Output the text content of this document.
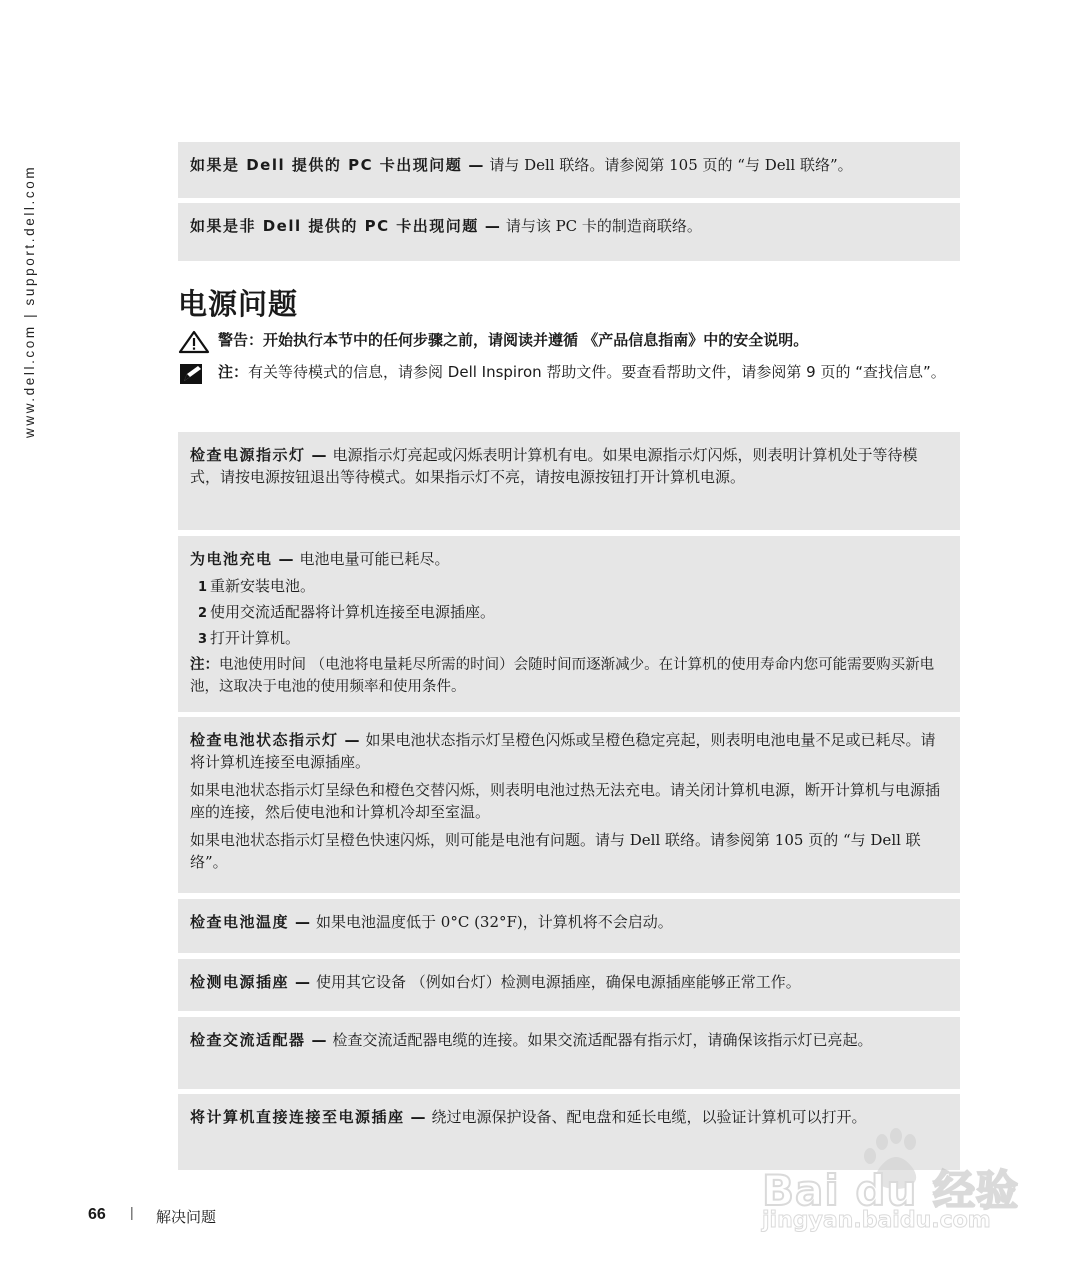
www.dell.com | support.dell.com	如果是 Dell 提供的 PC 卡出现问题 — 请与 Dell 联络。请参阅第 105 页的 “与 Dell 联络”。
如果是非 Dell 提供的 PC 卡出现问题 — 请与该 PC 卡的制造商联络。
电源问题
警告：开始执行本节中的任何步骤之前，请阅读并遵循 《产品信息指南》中的安全说明。
注：有关等待模式的信息，请参阅 Dell Inspiron 帮助文件。要查看帮助文件，请参阅第 9 页的 “查找信息”。
检查电源指示灯 — 电源指示灯亮起或闪烁表明计算机有电。如果电源指示灯闪烁，则表明计算机处于等待模式，请按电源按钮退出等待模式。如果指示灯不亮，请按电源按钮打开计算机电源。
为电池充电 — 电池电量可能已耗尽。
1 重新安装电池。
2 使用交流适配器将计算机连接至电源插座。
3 打开计算机。
注：电池使用时间 （电池将电量耗尽所需的时间）会随时间而逐渐减少。在计算机的使用寿命内您可能需要购买新电池，这取决于电池的使用频率和使用条件。

检查电池状态指示灯 — 如果电池状态指示灯呈橙色闪烁或呈橙色稳定亮起，则表明电池电量不足或已耗尽。请将计算机连接至电源插座。

如果电池状态指示灯呈绿色和橙色交替闪烁，则表明电池过热无法充电。请关闭计算机电源，断开计算机与电源插座的连接，然后使电池和计算机冷却至室温。

如果电池状态指示灯呈橙色快速闪烁，则可能是电池有问题。请与 Dell 联络。请参阅第 105 页的 “与 Dell 联络”。

检查电池温度 — 如果电池温度低于 0°C (32°F)，计算机将不会启动。
检测电源插座 — 使用其它设备 （例如台灯）检测电源插座，确保电源插座能够正常工作。
检查交流适配器 — 检查交流适配器电缆的连接。如果交流适配器有指示灯，请确保该指示灯已亮起。
将计算机直接连接至电源插座 — 绕过电源保护设备、配电盘和延长电缆，以验证计算机可以打开。
66 | 解决问题
Bai du 经验
jingyan.baidu.com
